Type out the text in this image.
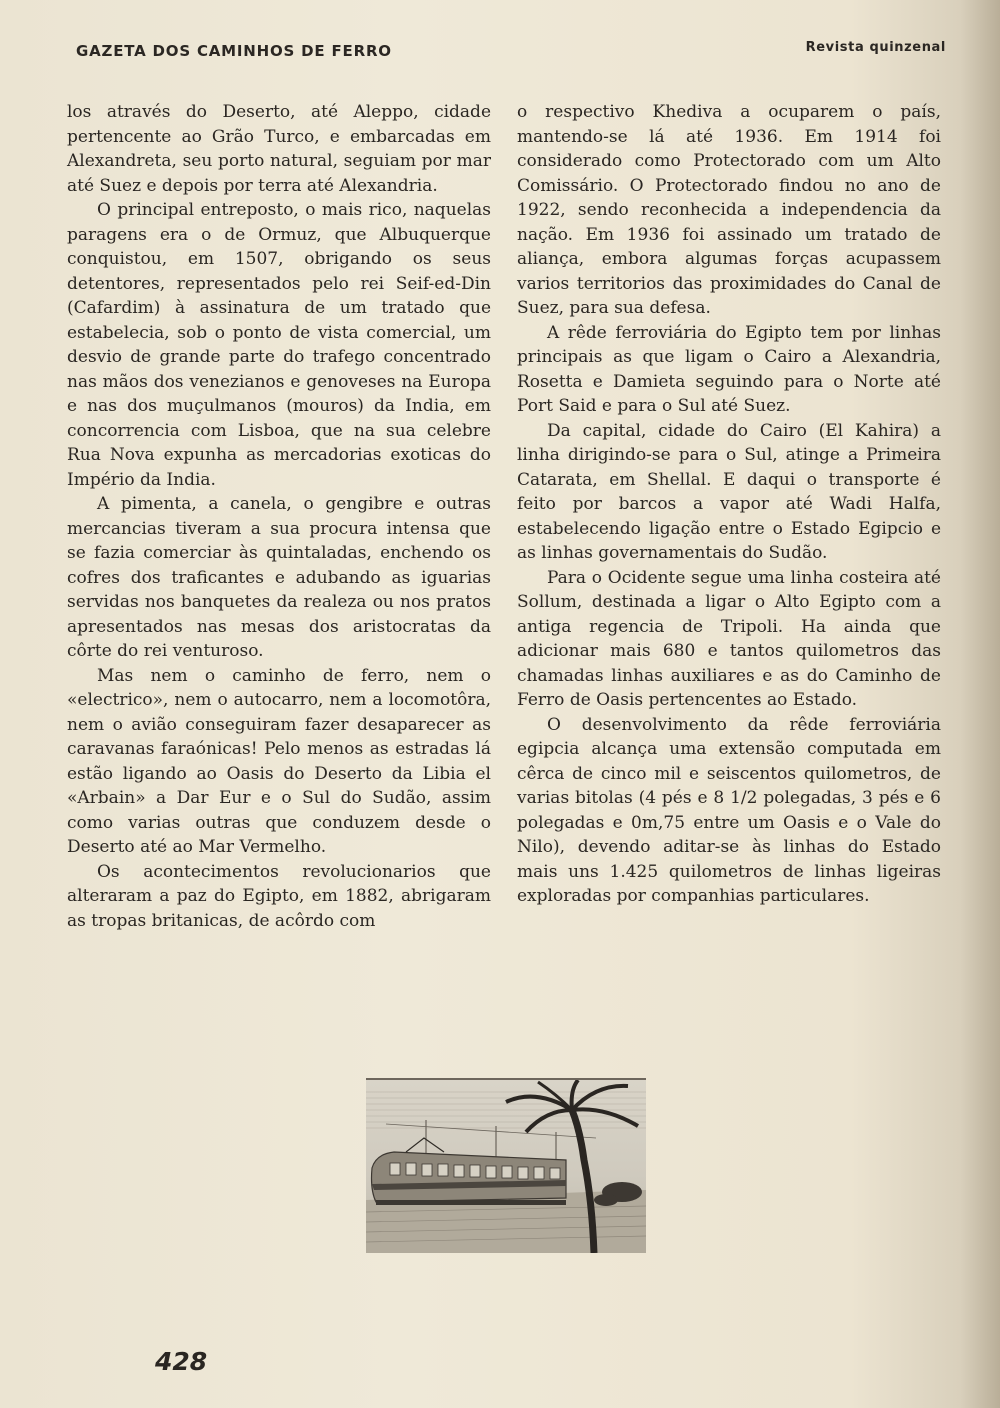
GAZETA DOS CAMINHOS DE FERRO	Revista quinzenal

los através do Deserto, até Aleppo, cidade pertencente ao Grão Turco, e embarcadas em Alexandreta, seu porto natural, seguiam por mar até Suez e depois por terra até Alexandria.

O principal entreposto, o mais rico, naquelas paragens era o de Ormuz, que Albuquerque conquistou, em 1507, obrigando os seus detentores, representados pelo rei Seif-ed-Din (Cafardim) à assinatura de um tratado que estabelecia, sob o ponto de vista comercial, um desvio de grande parte do trafego concentrado nas mãos dos venezianos e genoveses na Europa e nas dos muçulmanos (mouros) da India, em concorrencia com Lisboa, que na sua celebre Rua Nova expunha as mercadorias exoticas do Império da India.

A pimenta, a canela, o gengibre e outras mercancias tiveram a sua procura intensa que se fazia comerciar às quintaladas, enchendo os cofres dos traficantes e adubando as iguarias servidas nos banquetes da realeza ou nos pratos apresentados nas mesas dos aristocratas da côrte do rei venturoso.

Mas nem o caminho de ferro, nem o «electrico», nem o autocarro, nem a locomotôra, nem o avião conseguiram fazer desaparecer as caravanas faraónicas! Pelo menos as estradas lá estão ligando ao Oasis do Deserto da Libia el «Arbain» a Dar Eur e o Sul do Sudão, assim como varias outras que conduzem desde o Deserto até ao Mar Vermelho.

Os acontecimentos revolucionarios que alteraram a paz do Egipto, em 1882, abrigaram as tropas britanicas, de acôrdo com

o respectivo Khediva a ocuparem o país, mantendo-se lá até 1936. Em 1914 foi considerado como Protectorado com um Alto Comissário. O Protectorado findou no ano de 1922, sendo reconhecida a independencia da nação. Em 1936 foi assinado um tratado de aliança, embora algumas forças acupassem varios territorios das proximidades do Canal de Suez, para sua defesa.

A rêde ferroviária do Egipto tem por linhas principais as que ligam o Cairo a Alexandria, Rosetta e Damieta seguindo para o Norte até Port Said e para o Sul até Suez.

Da capital, cidade do Cairo (El Kahira) a linha dirigindo-se para o Sul, atinge a Primeira Catarata, em Shellal. E daqui o transporte é feito por barcos a vapor até Wadi Halfa, estabelecendo ligação entre o Estado Egipcio e as linhas governamentais do Sudão.

Para o Ocidente segue uma linha costeira até Sollum, destinada a ligar o Alto Egipto com a antiga regencia de Tripoli. Ha ainda que adicionar mais 680 e tantos quilometros das chamadas linhas auxiliares e as do Caminho de Ferro de Oasis pertencentes ao Estado.

O desenvolvimento da rêde ferroviária egipcia alcança uma extensão computada em cêrca de cinco mil e seiscentos quilometros, de varias bitolas (4 pés e 8 1/2 polegadas, 3 pés e 6 polegadas e 0m,75 entre um Oasis e o Vale do Nilo), devendo aditar-se às linhas do Estado mais uns 1.425 quilometros de linhas ligeiras exploradas por companhias particulares.

428
